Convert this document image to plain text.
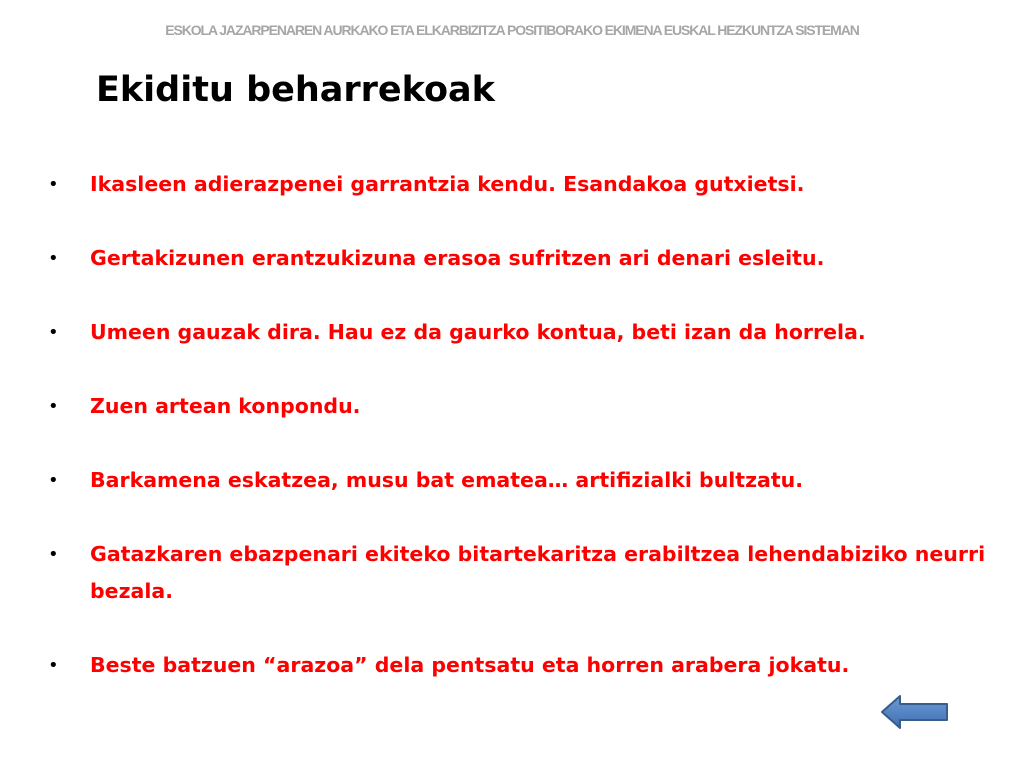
ESKOLA JAZARPENAREN AURKAKO ETA ELKARBIZITZA POSITIBORAKO EKIMENA EUSKAL HEZKUNTZA SISTEMAN
Ekiditu beharrekoak
•	Ikasleen adierazpenei garrantzia kendu. Esandakoa gutxietsi.
•	Gertakizunen erantzukizuna erasoa sufritzen ari denari esleitu.
•	Umeen gauzak dira. Hau ez da gaurko kontua, beti izan da horrela.
•	Zuen artean konpondu.
•	Barkamena eskatzea, musu bat ematea… artifizialki bultzatu.
•	Gatazkaren ebazpenari ekiteko bitartekaritza erabiltzea lehendabiziko neurri bezala.
•	Beste batzuen “arazoa” dela pentsatu eta horren arabera jokatu.
